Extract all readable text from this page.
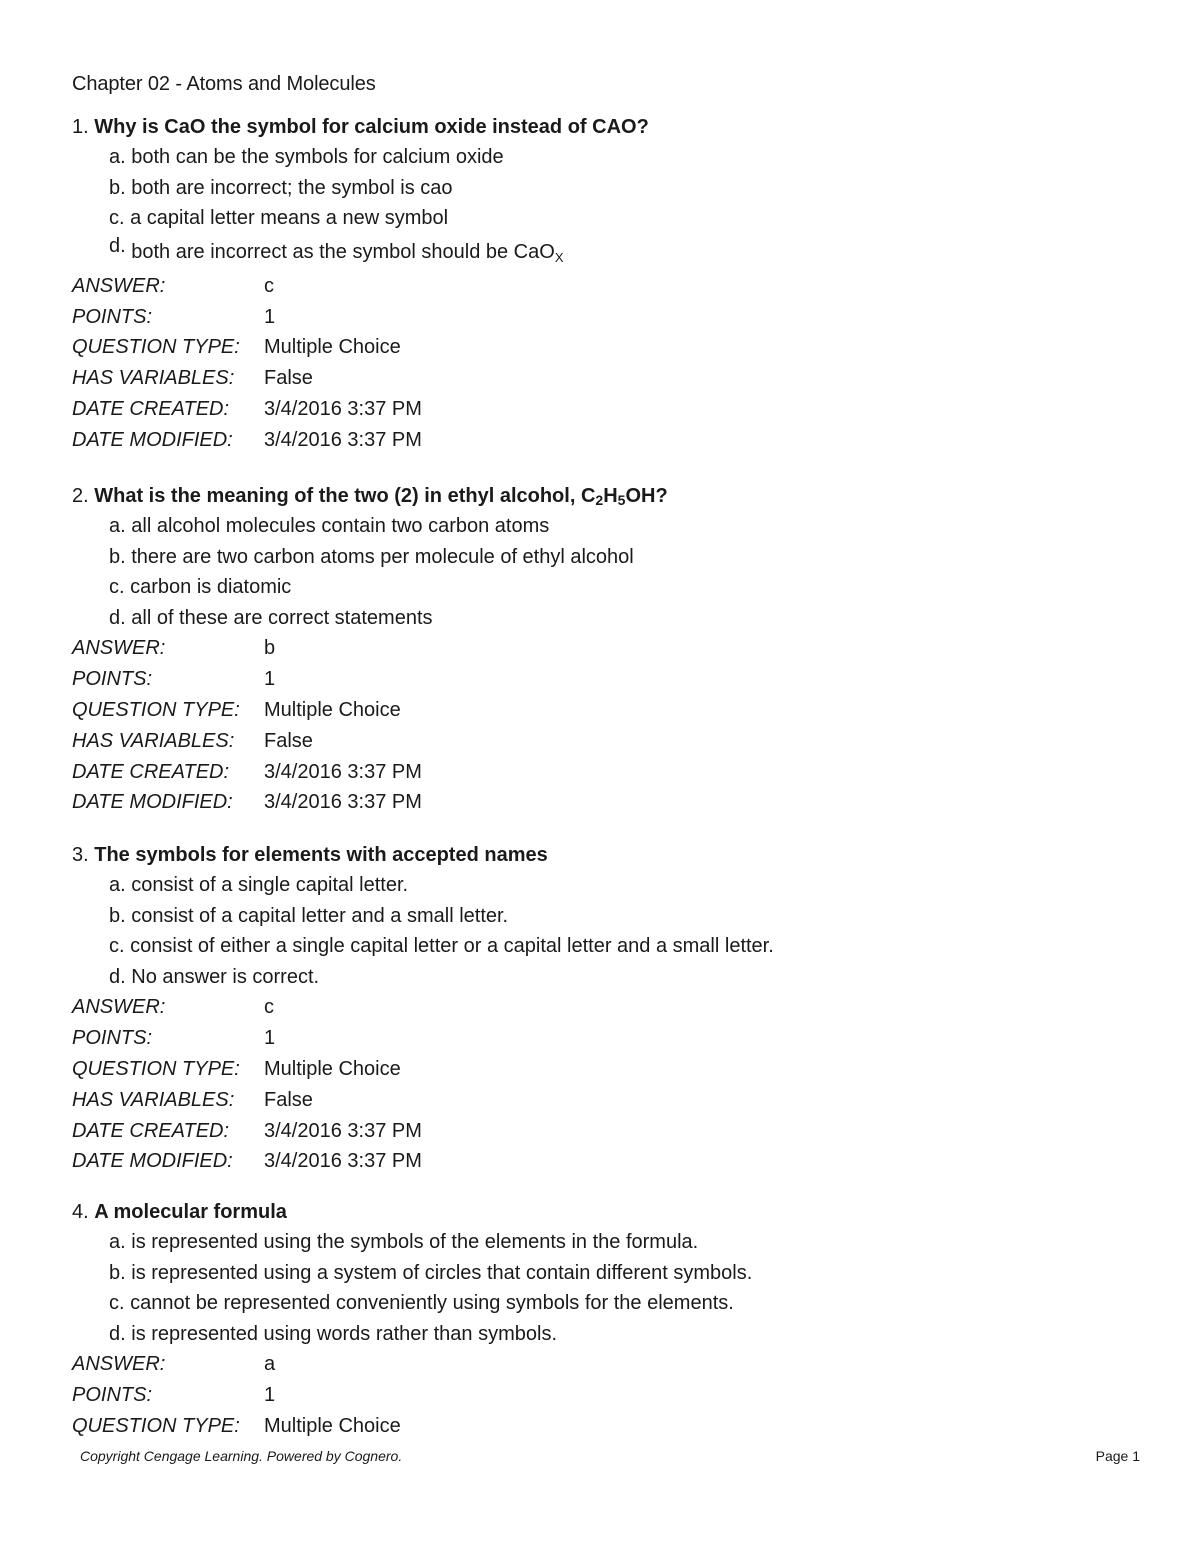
Chapter 02 - Atoms and Molecules
1. Why is CaO the symbol for calcium oxide instead of CAO?
a. both can be the symbols for calcium oxide
b. both are incorrect; the symbol is cao
c. a capital letter means a new symbol
d. both are incorrect as the symbol should be CaO$_X$
ANSWER:	c
POINTS:	1
QUESTION TYPE: Multiple Choice
HAS VARIABLES: False
DATE CREATED: 3/4/2016 3:37 PM
DATE MODIFIED: 3/4/2016 3:37 PM
2. What is the meaning of the two (2) in ethyl alcohol, $C_2H_5OH$?
a. all alcohol molecules contain two carbon atoms
b. there are two carbon atoms per molecule of ethyl alcohol
c. carbon is diatomic
d. all of these are correct statements
ANSWER:	b
POINTS:	1
QUESTION TYPE: Multiple Choice
HAS VARIABLES: False
DATE CREATED: 3/4/2016 3:37 PM
DATE MODIFIED: 3/4/2016 3:37 PM
3. The symbols for elements with accepted names
a. consist of a single capital letter.
b. consist of a capital letter and a small letter.
c. consist of either a single capital letter or a capital letter and a small letter.
d. No answer is correct.
ANSWER:	c
POINTS:	1
QUESTION TYPE: Multiple Choice
HAS VARIABLES: False
DATE CREATED: 3/4/2016 3:37 PM
DATE MODIFIED: 3/4/2016 3:37 PM
4. A molecular formula
a. is represented using the symbols of the elements in the formula.
b. is represented using a system of circles that contain different symbols.
c. cannot be represented conveniently using symbols for the elements.
d. is represented using words rather than symbols.
ANSWER:	a
POINTS:	1
QUESTION TYPE: Multiple Choice
Copyright Cengage Learning. Powered by Cognero.	Page 1
